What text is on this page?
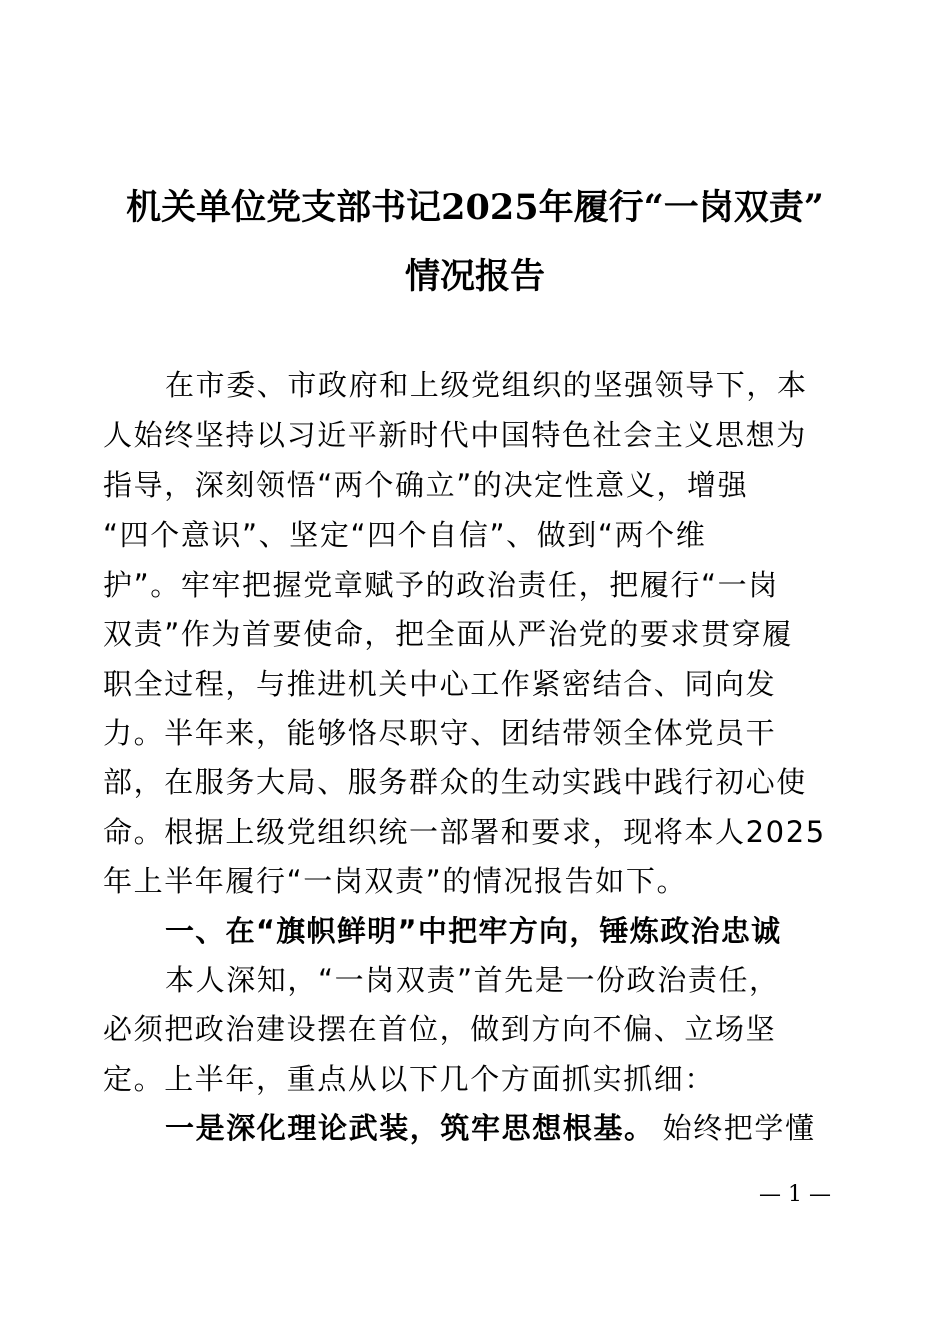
机关单位党支部书记2025年履行“一岗双责”
情况报告
在市委、市政府和上级党组织的坚强领导下，本
人始终坚持以习近平新时代中国特色社会主义思想为
指导，深刻领悟“两个确立”的决定性意义，增强
“四个意识”、坚定“四个自信”、做到“两个维
护”。牢牢把握党章赋予的政治责任，把履行“一岗
双责”作为首要使命，把全面从严治党的要求贯穿履
职全过程，与推进机关中心工作紧密结合、同向发
力。半年来，能够恪尽职守、团结带领全体党员干
部，在服务大局、服务群众的生动实践中践行初心使
命。根据上级党组织统一部署和要求，现将本人2025
年上半年履行“一岗双责”的情况报告如下。
一、在“旗帜鲜明”中把牢方向，锤炼政治忠诚
本人深知，“一岗双责”首先是一份政治责任，
必须把政治建设摆在首位，做到方向不偏、立场坚
定。上半年，重点从以下几个方面抓实抓细：
一是深化理论武装，筑牢思想根基。 始终把学懂
— 1 —
